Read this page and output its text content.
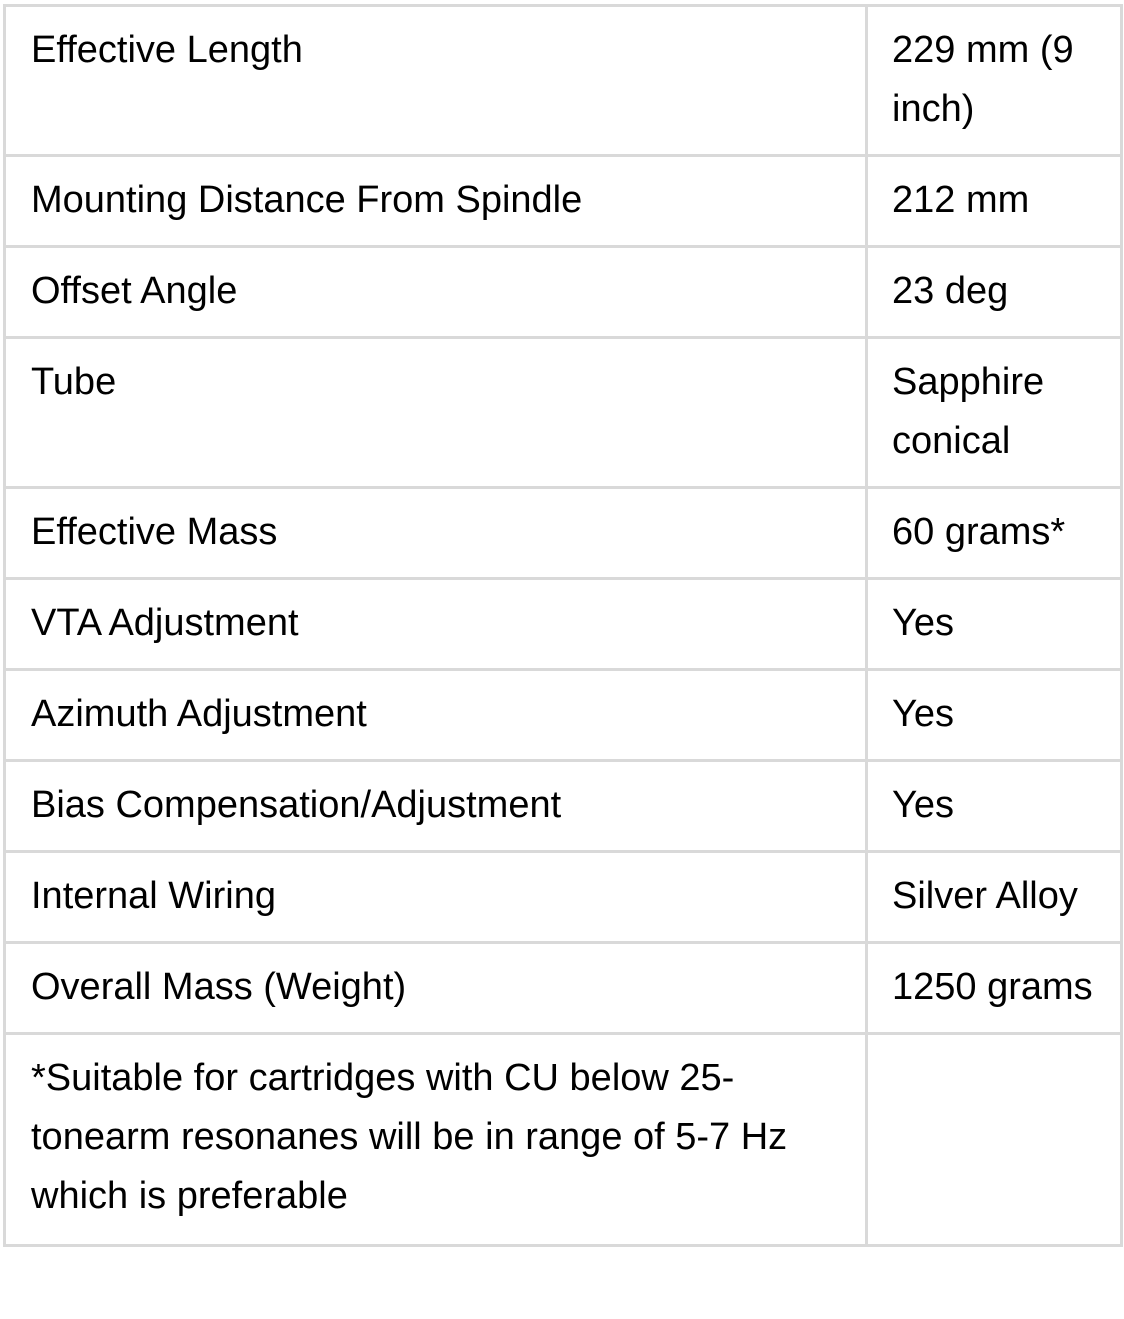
Effective Length	229 mm (9 inch)
Mounting Distance From Spindle	212 mm
Offset Angle	23 deg
Tube	Sapphire conical
Effective Mass	60 grams*
VTA Adjustment	Yes
Azimuth Adjustment	Yes
Bias Compensation/Adjustment	Yes
Internal Wiring	Silver Alloy
Overall Mass (Weight)	1250 grams
*Suitable for cartridges with CU below 25- tonearm resonanes will be in range of 5-7 Hz which is preferable	
